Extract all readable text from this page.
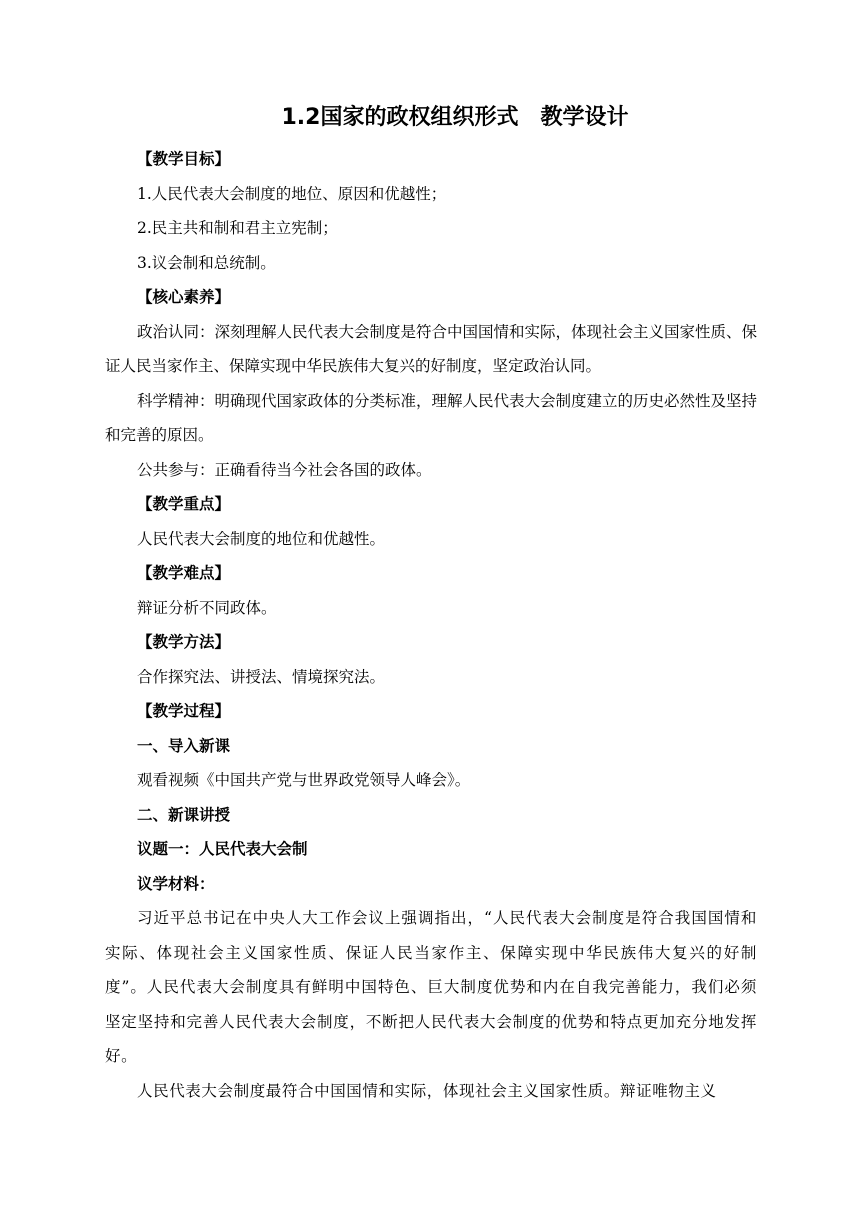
1.2国家的政权组织形式　教学设计
【教学目标】
1.人民代表大会制度的地位、原因和优越性；
2.民主共和制和君主立宪制；
3.议会制和总统制。
【核心素养】

政治认同：深刻理解人民代表大会制度是符合中国国情和实际，体现社会主义国家性质、保证人民当家作主、保障实现中华民族伟大复兴的好制度，坚定政治认同。

科学精神：明确现代国家政体的分类标准，理解人民代表大会制度建立的历史必然性及坚持和完善的原因。

公共参与：正确看待当今社会各国的政体。

【教学重点】
人民代表大会制度的地位和优越性。
【教学难点】
辩证分析不同政体。
【教学方法】
合作探究法、讲授法、情境探究法。
【教学过程】
一、导入新课
观看视频《中国共产党与世界政党领导人峰会》。
二、新课讲授
议题一：人民代表大会制
议学材料：

习近平总书记在中央人大工作会议上强调指出，“人民代表大会制度是符合我国国情和实际、体现社会主义国家性质、保证人民当家作主、保障实现中华民族伟大复兴的好制度”。人民代表大会制度具有鲜明中国特色、巨大制度优势和内在自我完善能力，我们必须坚定坚持和完善人民代表大会制度，不断把人民代表大会制度的优势和特点更加充分地发挥好。

人民代表大会制度最符合中国国情和实际，体现社会主义国家性质。辩证唯物主义
